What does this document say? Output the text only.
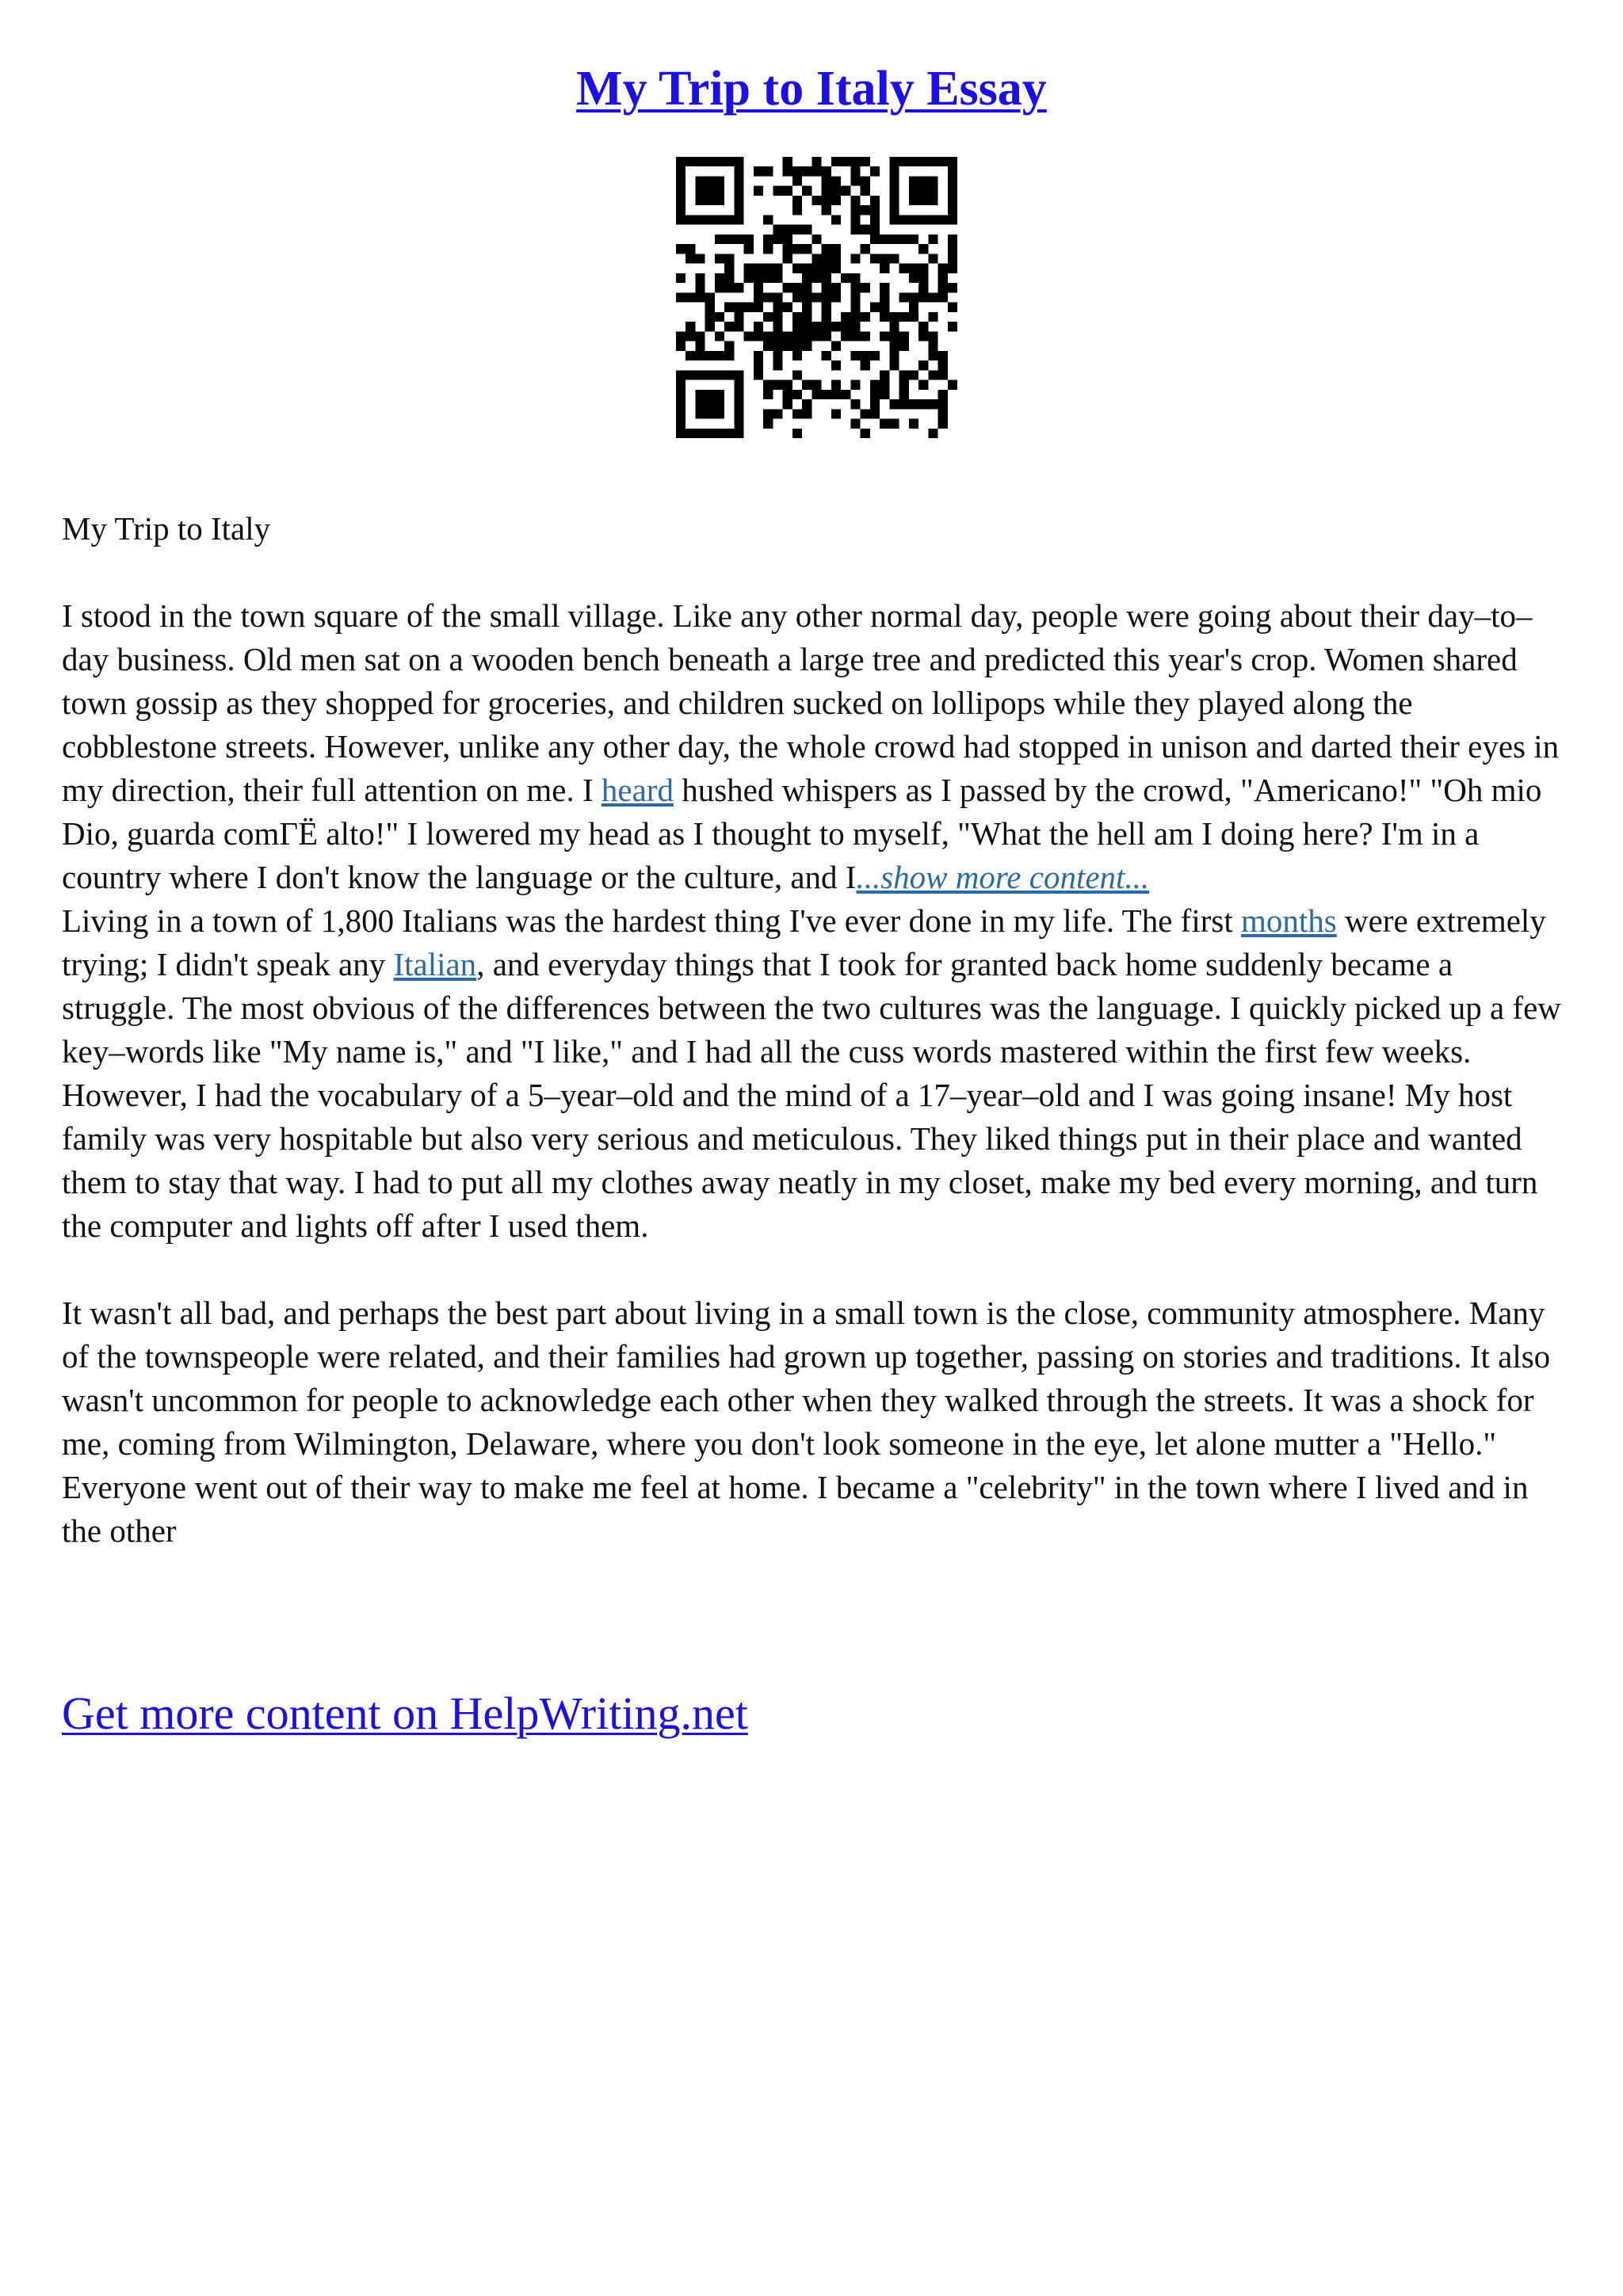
My Trip to Italy Essay

My Trip to Italy

I stood in the town square of the small village. Like any other normal day, people were going about their day–to–day business. Old men sat on a wooden bench beneath a large tree and predicted this year's crop. Women shared town gossip as they shopped for groceries, and children sucked on lollipops while they played along the cobblestone streets. However, unlike any other day, the whole crowd had stopped in unison and darted their eyes in my direction, their full attention on me. I heard hushed whispers as I passed by the crowd, "Americano!" "Oh mio Dio, guarda comΓË alto!" I lowered my head as I thought to myself, "What the hell am I doing here? I'm in a country where I don't know the language or the culture, and I...show more content...

Living in a town of 1,800 Italians was the hardest thing I've ever done in my life. The first months were extremely trying; I didn't speak any Italian, and everyday things that I took for granted back home suddenly became a struggle. The most obvious of the differences between the two cultures was the language. I quickly picked up a few key–words like "My name is," and "I like," and I had all the cuss words mastered within the first few weeks. However, I had the vocabulary of a 5–year–old and the mind of a 17–year–old and I was going insane! My host family was very hospitable but also very serious and meticulous. They liked things put in their place and wanted them to stay that way. I had to put all my clothes away neatly in my closet, make my bed every morning, and turn the computer and lights off after I used them.

It wasn't all bad, and perhaps the best part about living in a small town is the close, community atmosphere. Many of the townspeople were related, and their families had grown up together, passing on stories and traditions. It also wasn't uncommon for people to acknowledge each other when they walked through the streets. It was a shock for me, coming from Wilmington, Delaware, where you don't look someone in the eye, let alone mutter a "Hello." Everyone went out of their way to make me feel at home. I became a "celebrity" in the town where I lived and in the other

Get more content on HelpWriting.net
